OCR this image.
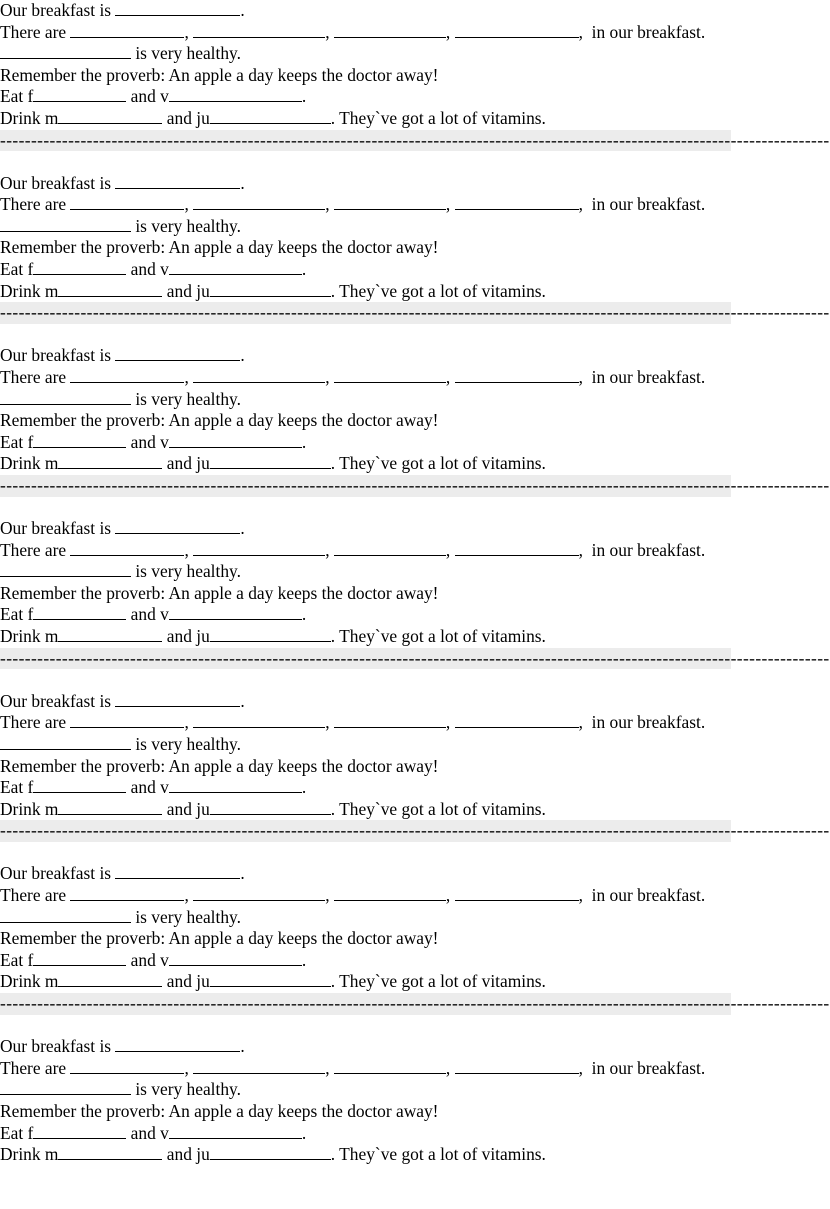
Our breakfast is	.
There are	,	,	,	,  in our breakfast.
is very healthy.
Remember the proverb: An apple a day keeps the doctor away!
Eat f	and v	.
Drink m	and ju	. They`ve got a lot of vitamins.
--------------------------------------------------------------------------------------------------------------------------------------
Our breakfast is	.
There are	,	,	,	,  in our breakfast.
is very healthy.
Remember the proverb: An apple a day keeps the doctor away!
Eat f	and v	.
Drink m	and ju	. They`ve got a lot of vitamins.
--------------------------------------------------------------------------------------------------------------------------------------
Our breakfast is	.
There are	,	,	,	,  in our breakfast.
is very healthy.
Remember the proverb: An apple a day keeps the doctor away!
Eat f	and v	.
Drink m	and ju	. They`ve got a lot of vitamins.
--------------------------------------------------------------------------------------------------------------------------------------
Our breakfast is	.
There are	,	,	,	,  in our breakfast.
is very healthy.
Remember the proverb: An apple a day keeps the doctor away!
Eat f	and v	.
Drink m	and ju	. They`ve got a lot of vitamins.
--------------------------------------------------------------------------------------------------------------------------------------
Our breakfast is	.
There are	,	,	,	,  in our breakfast.
is very healthy.
Remember the proverb: An apple a day keeps the doctor away!
Eat f	and v	.
Drink m	and ju	. They`ve got a lot of vitamins.
--------------------------------------------------------------------------------------------------------------------------------------
Our breakfast is	.
There are	,	,	,	,  in our breakfast.
is very healthy.
Remember the proverb: An apple a day keeps the doctor away!
Eat f	and v	.
Drink m	and ju	. They`ve got a lot of vitamins.
--------------------------------------------------------------------------------------------------------------------------------------
Our breakfast is	.
There are	,	,	,	,  in our breakfast.
is very healthy.
Remember the proverb: An apple a day keeps the doctor away!
Eat f	and v	.
Drink m	and ju	. They`ve got a lot of vitamins.
